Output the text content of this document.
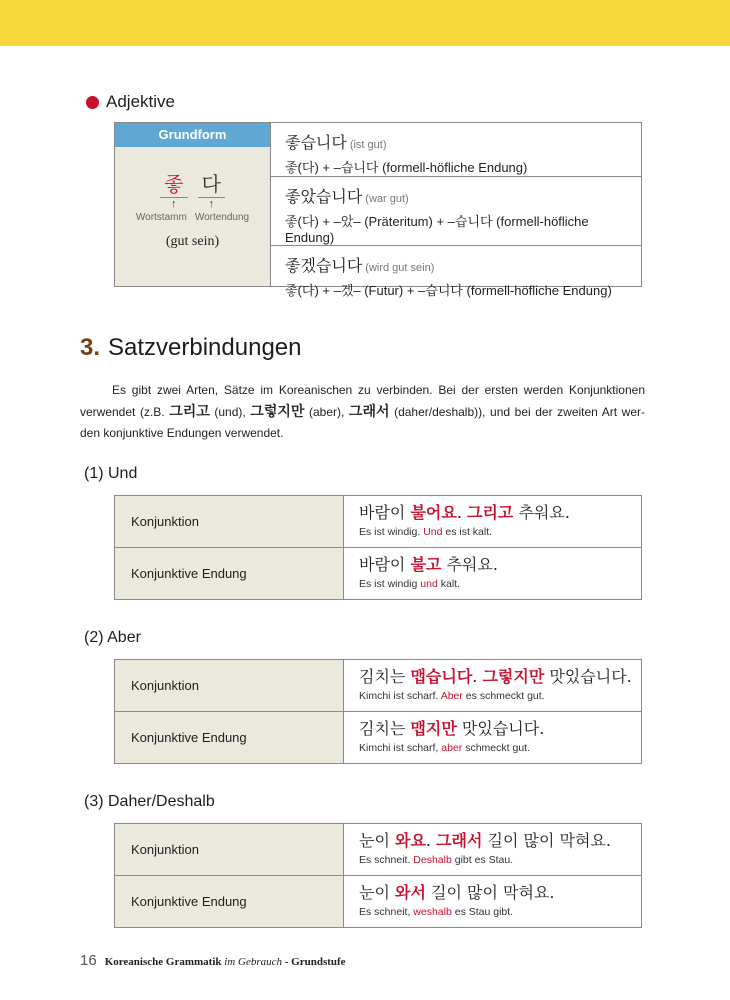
Adjektive
Grundform
좋 다
↑	↑
Wortstamm Wortendung
(gut sein)
좋습니다 (ist gut)
좋(다) + –습니다 (formell-höfliche Endung)
좋았습니다 (war gut)
좋(다) + –았– (Präteritum) + –습니다 (formell-höfliche Endung)
좋겠습니다 (wird gut sein)
좋(다) + –겠– (Futur) + –습니다 (formell-höfliche Endung)
3. Satzverbindungen
Es gibt zwei Arten, Sätze im Koreanischen zu verbinden. Bei der ersten werden Konjunktionen verwendet (z.B. 그리고 (und), 그렇지만 (aber), 그래서 (daher/deshalb)), und bei der zweiten Art wer-den konjunktive Endungen verwendet.
(1) Und
Konjunktion	바람이 불어요. 그리고 추워요.
Es ist windig. Und es ist kalt.
Konjunktive Endung	바람이 불고 추워요.
Es ist windig und kalt.
(2) Aber
Konjunktion	김치는 맵습니다. 그렇지만 맛있습니다.
Kimchi ist scharf. Aber es schmeckt gut.
Konjunktive Endung	김치는 맵지만 맛있습니다.
Kimchi ist scharf, aber schmeckt gut.
(3) Daher/Deshalb
Konjunktion	눈이 와요. 그래서 길이 많이 막혀요.
Es schneit. Deshalb gibt es Stau.
Konjunktive Endung	눈이 와서 길이 많이 막혀요.
Es schneit, weshalb es Stau gibt.
16 Koreanische Grammatik im Gebrauch - Grundstufe
